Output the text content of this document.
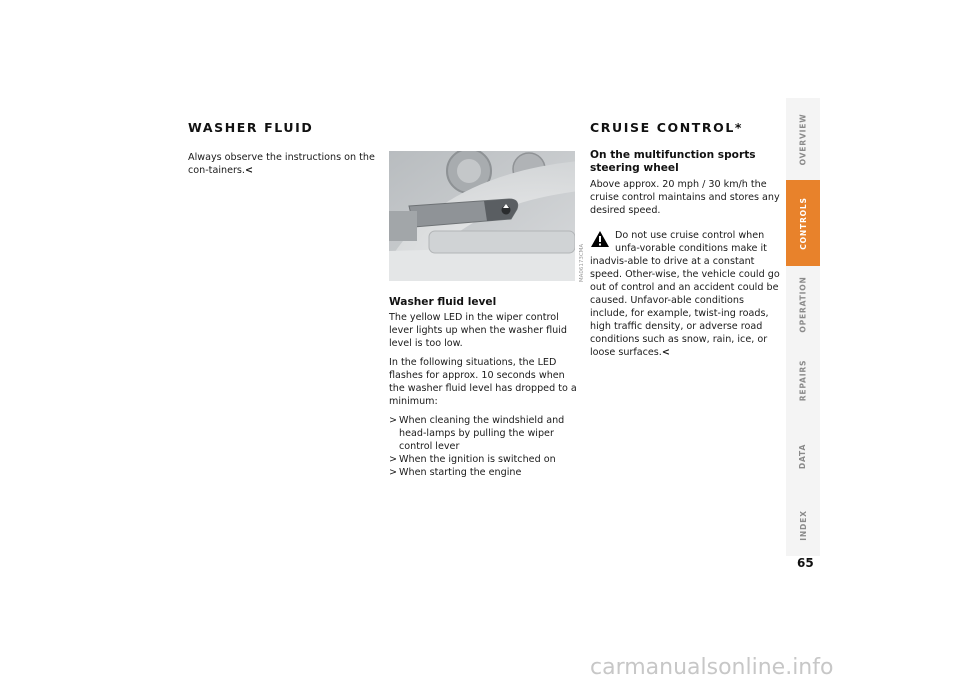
WASHER FLUID
Always observe the instructions on the con-tainers.<
MA06173CMA
Washer fluid level

The yellow LED in the wiper control lever lights up when the washer fluid level is too low.

In the following situations, the LED flashes for approx. 10 seconds when the washer fluid level has dropped to a minimum:

> When cleaning the windshield and head-lamps by pulling the wiper control lever

> When the ignition is switched on

> When starting the engine

CRUISE CONTROL*
On the multifunction sports steering wheel
Above approx. 20 mph / 30 km/h the cruise control maintains and stores any desired speed.
Do not use cruise control when unfa-vorable conditions make it inadvis-able to drive at a constant speed. Other-wise, the vehicle could go out of control and an accident could be caused. Unfavor-able conditions include, for example, twist-ing roads, high traffic density, or adverse road conditions such as snow, rain, ice, or loose surfaces.<
OVERVIEW
CONTROLS
OPERATION
REPAIRS
DATA
INDEX
65
carmanualsonline.info
